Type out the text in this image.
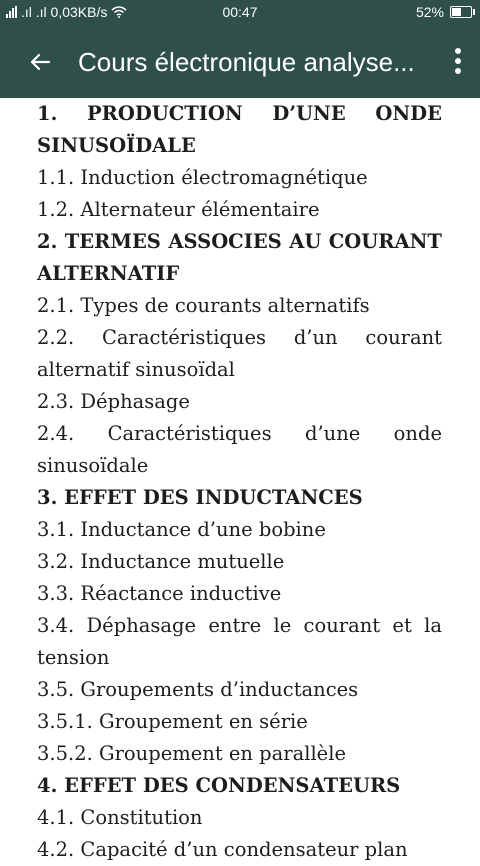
.ıl .ıl 0,03KB/s	00:47	52%
Cours électronique analyse...
1. PRODUCTION D’UNE ONDE
SINUSOÏDALE
1.1. Induction électromagnétique
1.2. Alternateur élémentaire
2. TERMES ASSOCIES AU COURANT
ALTERNATIF
2.1. Types de courants alternatifs
2.2. Caractéristiques d’un courant
alternatif sinusoïdal
2.3. Déphasage
2.4. Caractéristiques d’une onde
sinusoïdale
3. EFFET DES INDUCTANCES
3.1. Inductance d’une bobine
3.2. Inductance mutuelle
3.3. Réactance inductive
3.4. Déphasage entre le courant et la
tension
3.5. Groupements d’inductances
3.5.1. Groupement en série
3.5.2. Groupement en parallèle
4. EFFET DES CONDENSATEURS
4.1. Constitution
4.2. Capacité d’un condensateur plan
